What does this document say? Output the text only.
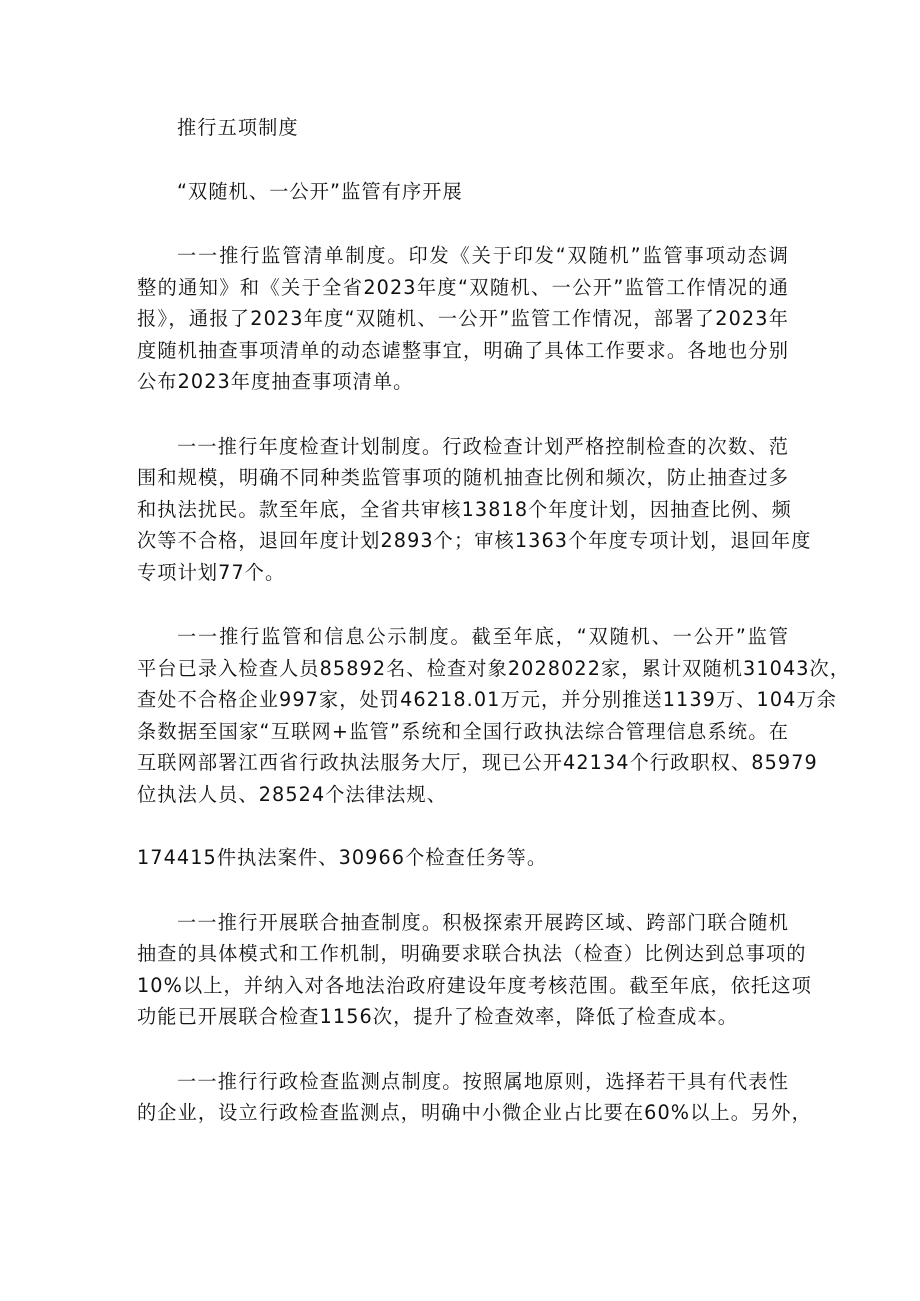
推行五项制度
“双随机、一公开”监管有序开展
一一推行监管清单制度。印发《关于印发“双随机”监管事项动态调
整的通知》和《关于全省2023年度“双随机、一公开”监管工作情况的通
报》，通报了2023年度“双随机、一公开”监管工作情况，部署了2023年
度随机抽查事项清单的动态谑整事宜，明确了具体工作要求。各地也分别
公布2023年度抽查事项清单。
一一推行年度检查计划制度。行政检查计划严格控制检查的次数、范
围和规模，明确不同种类监管事项的随机抽查比例和频次，防止抽查过多
和执法扰民。款至年底，全省共审核13818个年度计划，因抽查比例、频
次等不合格，退回年度计划2893个；审核1363个年度专项计划，退回年度
专项计划77个。
一一推行监管和信息公示制度。截至年底，“双随机、一公开”监管
平台已录入检查人员85892名、检查对象2028022家，累计双随机31043次，
查处不合格企业997家，处罚46218.01万元，并分别推送1139万、104万余
条数据至国家“互联网+监管”系统和全国行政执法综合管理信息系统。在
互联网部署江西省行政执法服务大厅，现已公开42134个行政职权、85979
位执法人员、28524个法律法规、
174415件执法案件、30966个检查任务等。
一一推行开展联合抽查制度。积极探索开展跨区域、跨部门联合随机
抽查的具体模式和工作机制，明确要求联合执法（检查）比例达到总事项的
10%以上，并纳入对各地法治政府建设年度考核范围。截至年底，依托这项
功能已开展联合检查1156次，提升了检查效率，降低了检查成本。
一一推行行政检查监测点制度。按照属地原则，选择若干具有代表性
的企业，设立行政检查监测点，明确中小微企业占比要在60%以上。另外，
